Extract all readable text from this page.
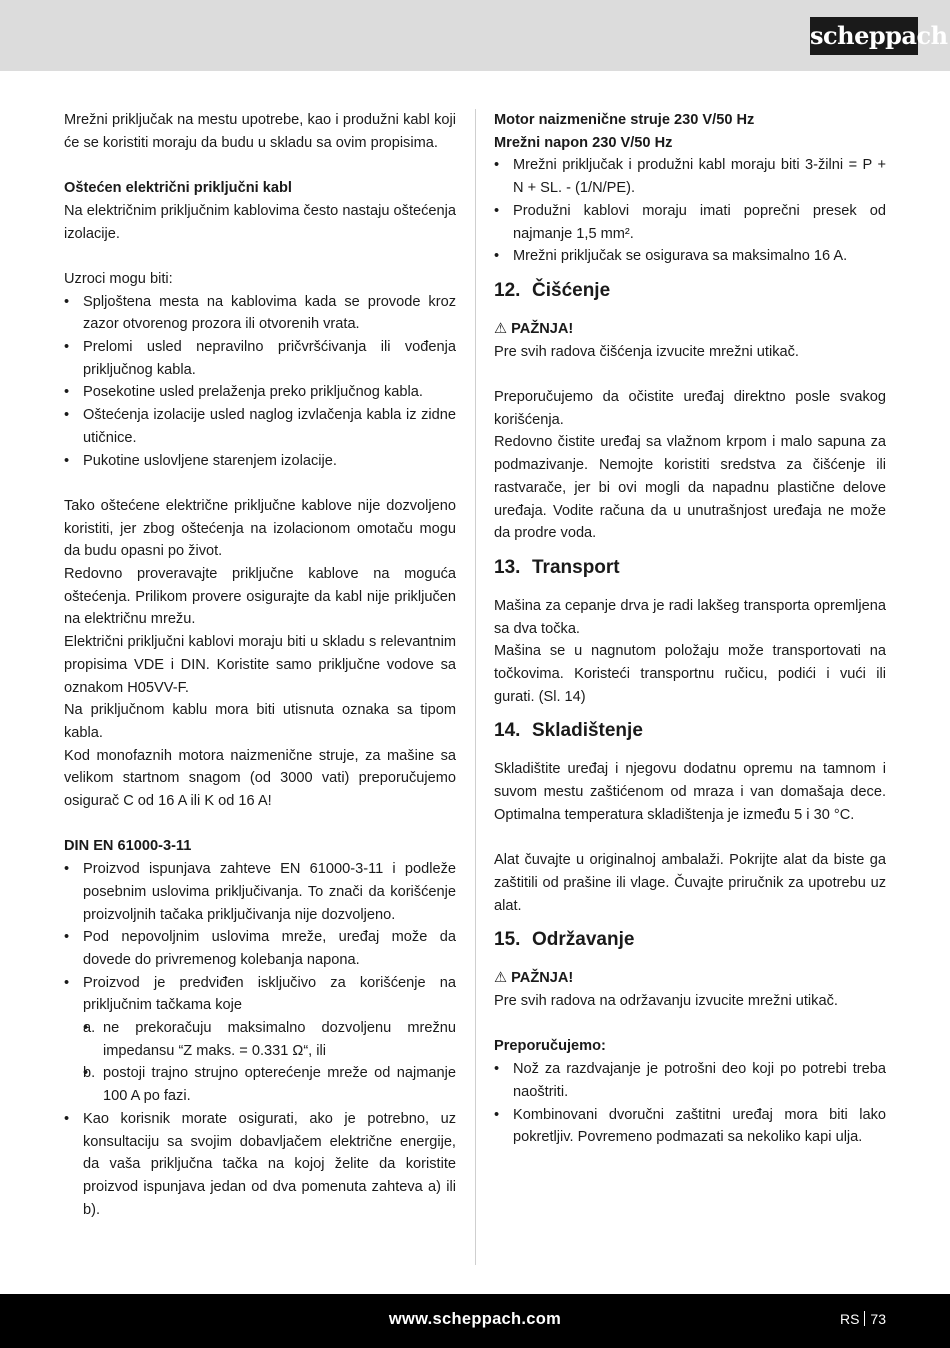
scheppach

Mrežni priključak na mestu upotrebe, kao i produžni kabl koji će se koristiti moraju da budu u skladu sa ovim propisima.

Oštećen električni priključni kabl

Na električnim priključnim kablovima često nastaju oštećenja izolacije.

Uzroci mogu biti:

• Spljoštena mesta na kablovima kada se provode kroz zazor otvorenog prozora ili otvorenih vrata.
• Prelomi usled nepravilno pričvršćivanja ili vođenja priključnog kabla.
• Posekotine usled prelaženja preko priključnog kabla.
• Oštećenja izolacije usled naglog izvlačenja kabla iz zidne utičnice.
• Pukotine uslovljene starenjem izolacije.

Tako oštećene električne priključne kablove nije dozvoljeno koristiti, jer zbog oštećenja na izolacionom omotaču mogu da budu opasni po život.

Redovno proveravajte priključne kablove na moguća oštećenja. Prilikom provere osigurajte da kabl nije priključen na električnu mrežu.

Električni priključni kablovi moraju biti u skladu s relevantnim propisima VDE i DIN. Koristite samo priključne vodove sa oznakom H05VV-F.

Na priključnom kablu mora biti utisnuta oznaka sa tipom kabla.

Kod monofaznih motora naizmenične struje, za mašine sa velikom startnom snagom (od 3000 vati) preporučujemo osigurač C od 16 A ili K od 16 A!

DIN EN 61000-3-11

• Proizvod ispunjava zahteve EN 61000-3-11 i podleže posebnim uslovima priključivanja. To znači da korišćenje proizvoljnih tačaka priključivanja nije dozvoljeno.
• Pod nepovoljnim uslovima mreže, uređaj može da dovede do privremenog kolebanja napona.
• Proizvod je predviđen isključivo za korišćenje na priključnim tačkama koje
• a. ne prekoračuju maksimalno dozvoljenu mrežnu impedansu “Z maks. = 0.331 Ω“, ili
• b. postoji trajno strujno opterećenje mreže od najmanje 100 A po fazi.
• Kao korisnik morate osigurati, ako je potrebno, uz konsultaciju sa svojim dobavljačem električne energije, da vaša priključna tačka na kojoj želite da koristite proizvod ispunjava jedan od dva pomenuta zahteva a) ili b).

Motor naizmenične struje 230 V/50 Hz

Mrežni napon 230 V/50 Hz

• Mrežni priključak i produžni kabl moraju biti 3-žilni = P + N + SL. - (1/N/PE).
• Produžni kablovi moraju imati poprečni presek od najmanje 1,5 mm².
• Mrežni priključak se osigurava sa maksimalno 16 A.
12. Čišćenje

⚠ PAŽNJA!

Pre svih radova čišćenja izvucite mrežni utikač.

Preporučujemo da očistite uređaj direktno posle svakog korišćenja.

Redovno čistite uređaj sa vlažnom krpom i malo sapuna za podmazivanje. Nemojte koristiti sredstva za čišćenje ili rastvarače, jer bi ovi mogli da napadnu plastične delove uređaja. Vodite računa da u unutrašnjost uređaja ne može da prodre voda.

13. Transport

Mašina za cepanje drva je radi lakšeg transporta opremljena sa dva točka.

Mašina se u nagnutom položaju može transportovati na točkovima. Koristeći transportnu ručicu, podići i vući ili gurati. (Sl. 14)

14. Skladištenje

Skladištite uređaj i njegovu dodatnu opremu na tamnom i suvom mestu zaštićenom od mraza i van domašaja dece. Optimalna temperatura skladištenja je između 5 i 30 °C.

Alat čuvajte u originalnoj ambalaži. Pokrijte alat da biste ga zaštitili od prašine ili vlage. Čuvajte priručnik za upotrebu uz alat.

15. Održavanje

⚠ PAŽNJA!

Pre svih radova na održavanju izvucite mrežni utikač.

Preporučujemo:

• Nož za razdvajanje je potrošni deo koji po potrebi treba naoštriti.
• Kombinovani dvoručni zaštitni uređaj mora biti lako pokretljiv. Povremeno podmazati sa nekoliko kapi ulja.
www.scheppach.com	RS 73
